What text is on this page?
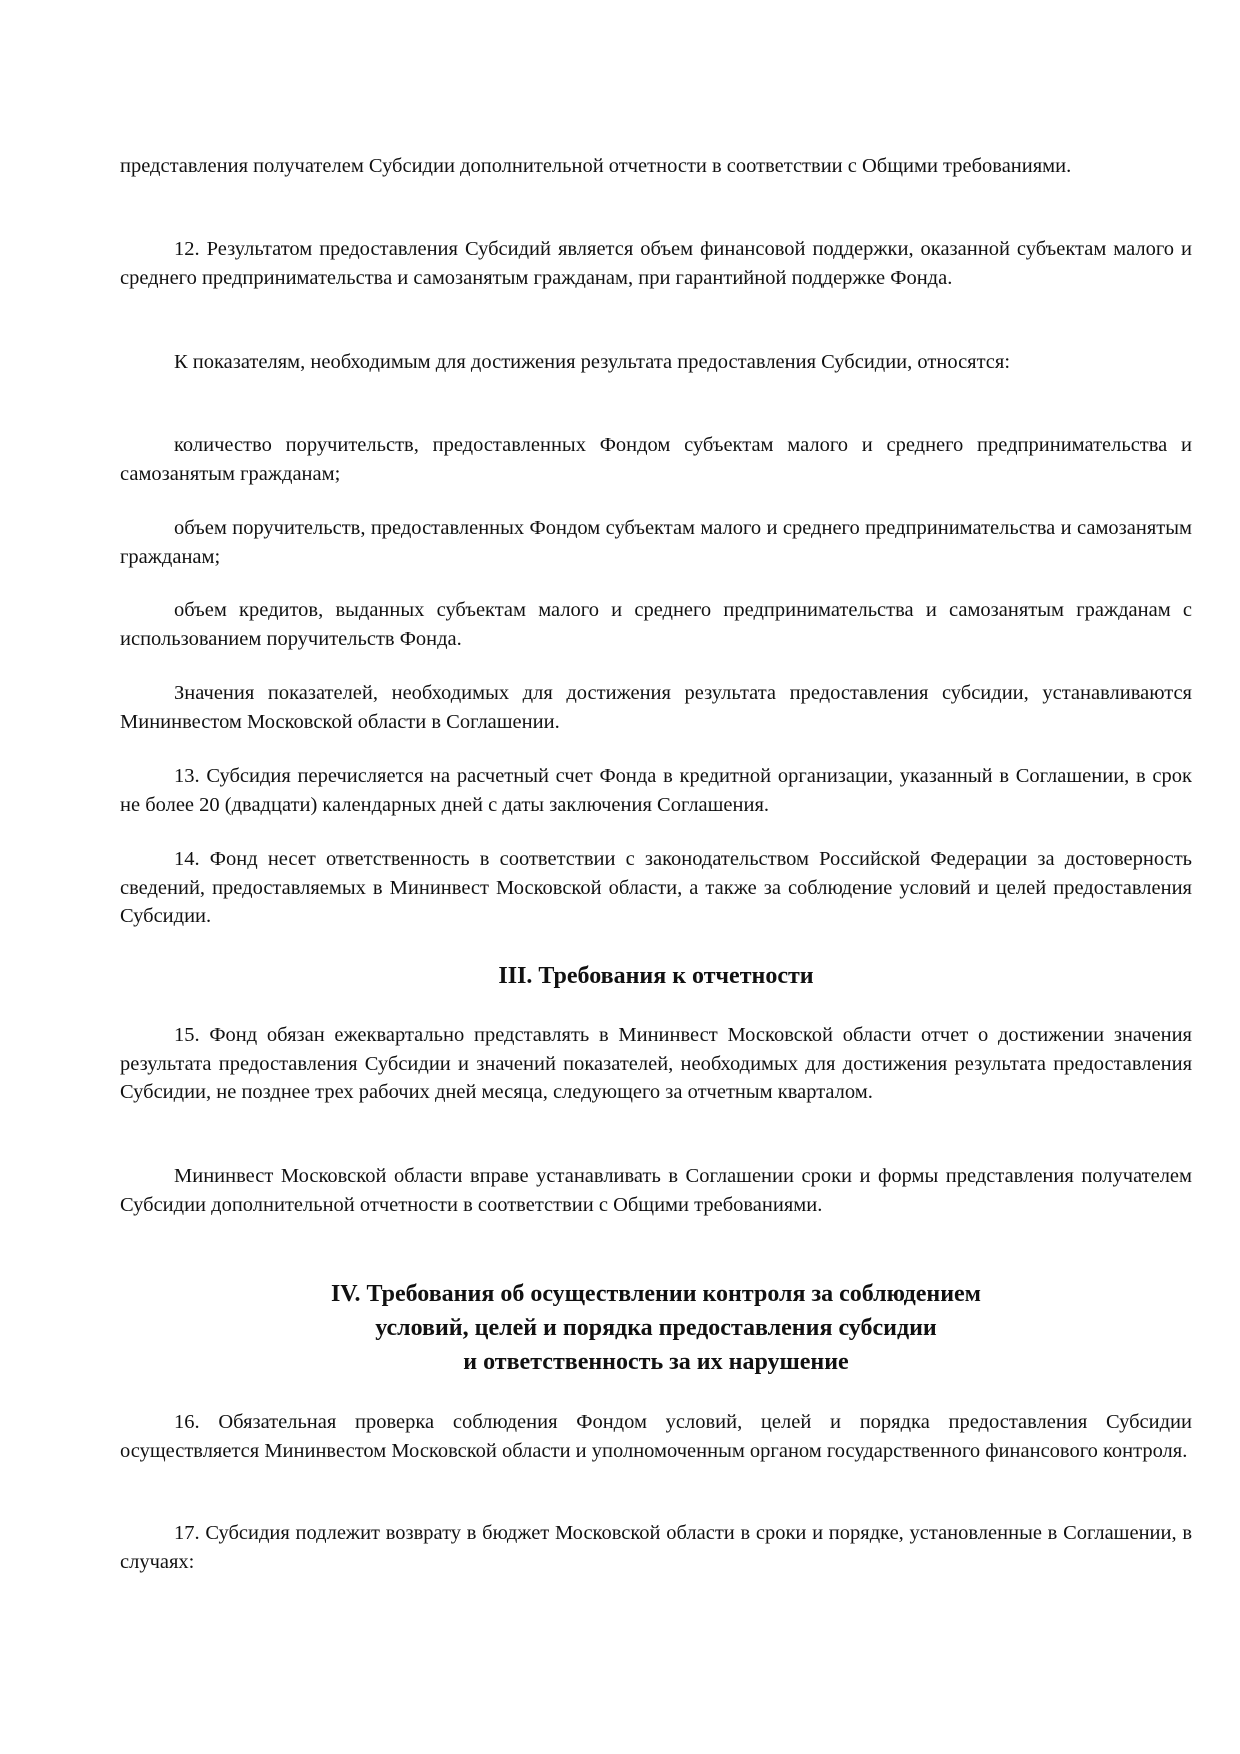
представления получателем Субсидии дополнительной отчетности в соответствии с Общими требованиями.
12. Результатом предоставления Субсидий является объем финансовой поддержки, оказанной субъектам малого и среднего предпринимательства и самозанятым гражданам, при гарантийной поддержке Фонда.
К показателям, необходимым для достижения результата предоставления Субсидии, относятся:
количество поручительств, предоставленных Фондом субъектам малого и среднего предпринимательства и самозанятым гражданам;
объем поручительств, предоставленных Фондом субъектам малого и среднего предпринимательства и самозанятым гражданам;
объем кредитов, выданных субъектам малого и среднего предпринимательства и самозанятым гражданам с использованием поручительств Фонда.
Значения показателей, необходимых для достижения результата предоставления субсидии, устанавливаются Мининвестом Московской области в Соглашении.
13. Субсидия перечисляется на расчетный счет Фонда в кредитной организации, указанный в Соглашении, в срок не более 20 (двадцати) календарных дней с даты заключения Соглашения.
14. Фонд несет ответственность в соответствии с законодательством Российской Федерации за достоверность сведений, предоставляемых в Мининвест Московской области, а также за соблюдение условий и целей предоставления Субсидии.
III. Требования к отчетности
15. Фонд обязан ежеквартально представлять в Мининвест Московской области отчет о достижении значения результата предоставления Субсидии и значений показателей, необходимых для достижения результата предоставления Субсидии, не позднее трех рабочих дней месяца, следующего за отчетным кварталом.
Мининвест Московской области вправе устанавливать в Соглашении сроки и формы представления получателем Субсидии дополнительной отчетности в соответствии с Общими требованиями.
IV. Требования об осуществлении контроля за соблюдением
условий, целей и порядка предоставления субсидии
и ответственность за их нарушение
16. Обязательная проверка соблюдения Фондом условий, целей и порядка предоставления Субсидии осуществляется Мининвестом Московской области и уполномоченным органом государственного финансового контроля.
17. Субсидия подлежит возврату в бюджет Московской области в сроки и порядке, установленные в Соглашении, в случаях:
